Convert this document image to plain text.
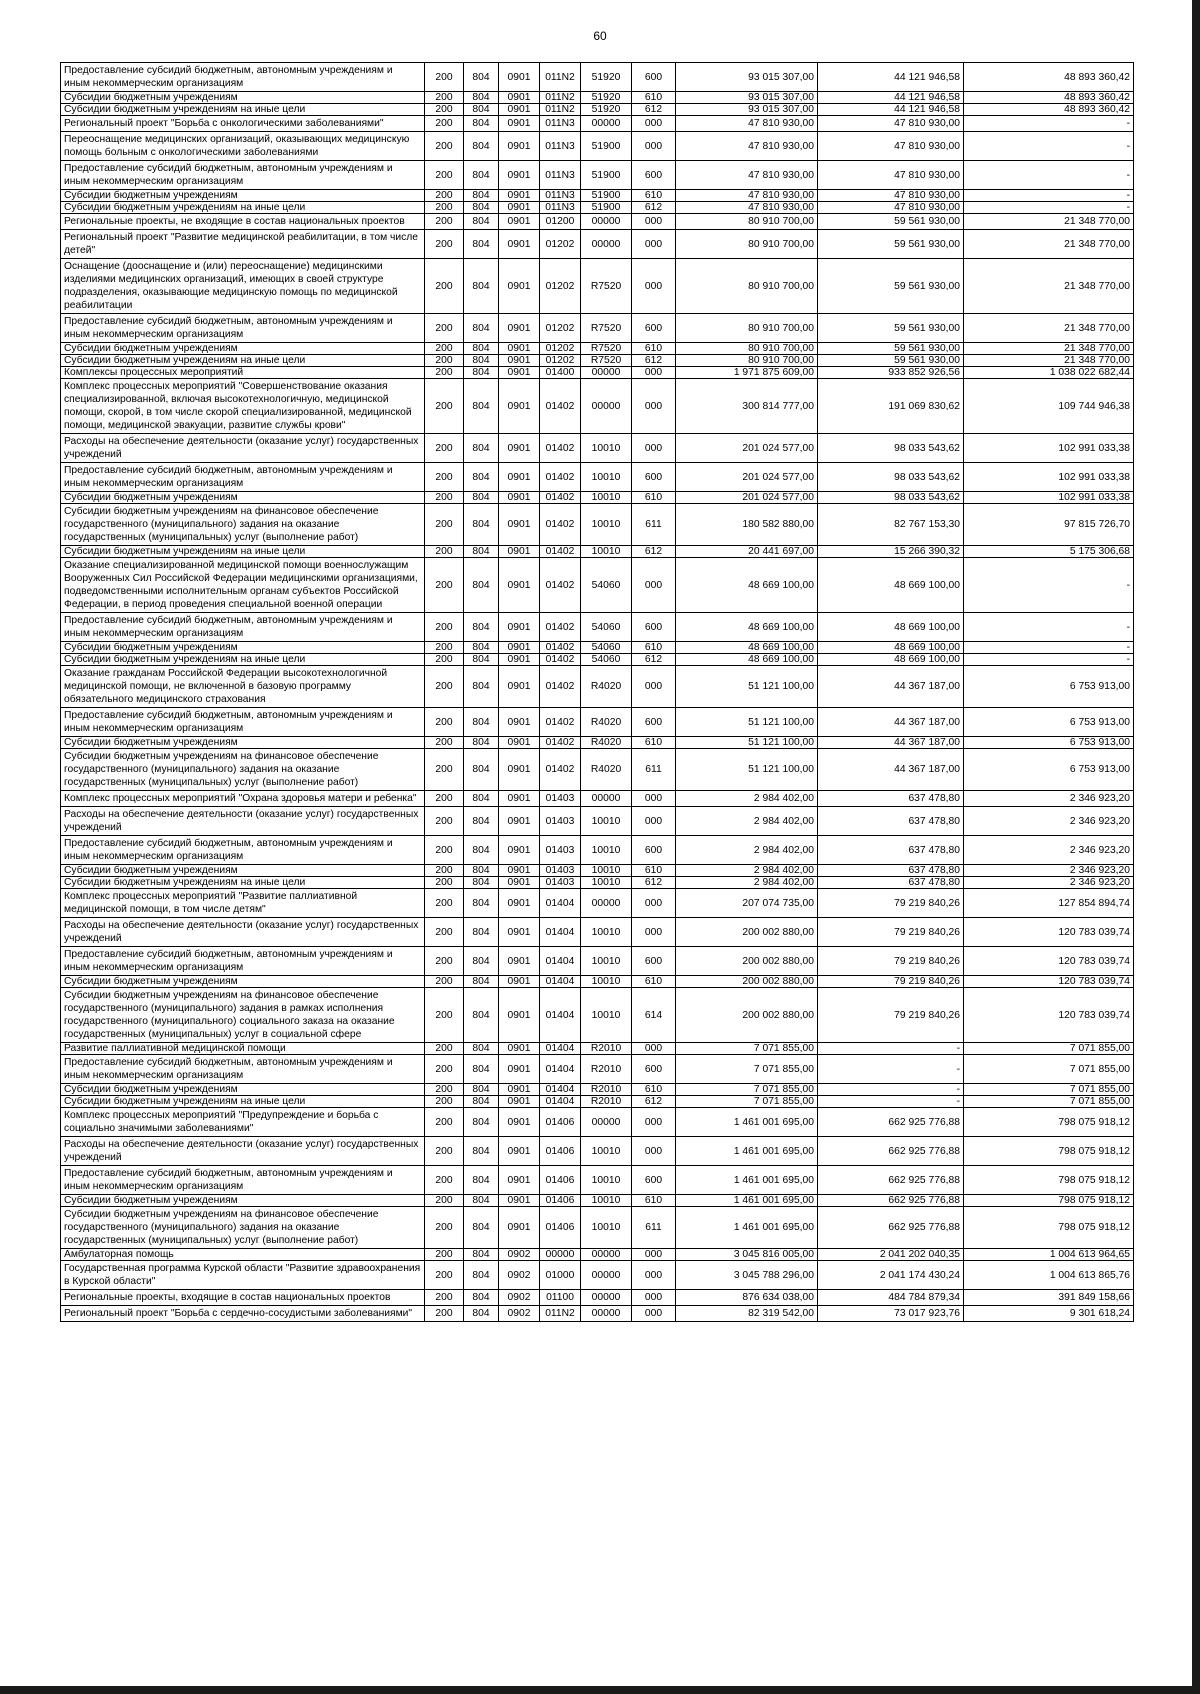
60
Предоставление субсидий бюджетным, автономным учреждениям и иным некоммерческим организациям	200	804	0901	011N2	51920	600	93 015 307,00	44 121 946,58	48 893 360,42
Субсидии бюджетным учреждениям	200	804	0901	011N2	51920	610	93 015 307,00	44 121 946,58	48 893 360,42
Субсидии бюджетным учреждениям на иные цели	200	804	0901	011N2	51920	612	93 015 307,00	44 121 946,58	48 893 360,42
Региональный проект "Борьба с онкологическими заболеваниями"	200	804	0901	011N3	00000	000	47 810 930,00	47 810 930,00	-
Переоснащение медицинских организаций, оказывающих медицинскую помощь больным с онкологическими заболеваниями	200	804	0901	011N3	51900	000	47 810 930,00	47 810 930,00	-
Предоставление субсидий бюджетным, автономным учреждениям и иным некоммерческим организациям	200	804	0901	011N3	51900	600	47 810 930,00	47 810 930,00	-
Субсидии бюджетным учреждениям	200	804	0901	011N3	51900	610	47 810 930,00	47 810 930,00	-
Субсидии бюджетным учреждениям на иные цели	200	804	0901	011N3	51900	612	47 810 930,00	47 810 930,00	-
Региональные проекты, не входящие в состав национальных проектов	200	804	0901	01200	00000	000	80 910 700,00	59 561 930,00	21 348 770,00
Региональный проект "Развитие медицинской реабилитации, в том числе детей"	200	804	0901	01202	00000	000	80 910 700,00	59 561 930,00	21 348 770,00
Оснащение (дооснащение и (или) переоснащение) медицинскими изделиями медицинских организаций, имеющих в своей структуре подразделения, оказывающие медицинскую помощь по медицинской реабилитации	200	804	0901	01202	R7520	000	80 910 700,00	59 561 930,00	21 348 770,00
Предоставление субсидий бюджетным, автономным учреждениям и иным некоммерческим организациям	200	804	0901	01202	R7520	600	80 910 700,00	59 561 930,00	21 348 770,00
Субсидии бюджетным учреждениям	200	804	0901	01202	R7520	610	80 910 700,00	59 561 930,00	21 348 770,00
Субсидии бюджетным учреждениям на иные цели	200	804	0901	01202	R7520	612	80 910 700,00	59 561 930,00	21 348 770,00
Комплексы процессных мероприятий	200	804	0901	01400	00000	000	1 971 875 609,00	933 852 926,56	1 038 022 682,44
Комплекс процессных мероприятий "Совершенствование оказания специализированной, включая высокотехнологичную, медицинской помощи, скорой, в том числе скорой специализированной, медицинской помощи, медицинской эвакуации, развитие службы крови"	200	804	0901	01402	00000	000	300 814 777,00	191 069 830,62	109 744 946,38
Расходы на обеспечение деятельности (оказание услуг) государственных учреждений	200	804	0901	01402	10010	000	201 024 577,00	98 033 543,62	102 991 033,38
Предоставление субсидий бюджетным, автономным учреждениям и иным некоммерческим организациям	200	804	0901	01402	10010	600	201 024 577,00	98 033 543,62	102 991 033,38
Субсидии бюджетным учреждениям	200	804	0901	01402	10010	610	201 024 577,00	98 033 543,62	102 991 033,38
Субсидии бюджетным учреждениям на финансовое обеспечение государственного (муниципального) задания на оказание государственных (муниципальных) услуг (выполнение работ)	200	804	0901	01402	10010	611	180 582 880,00	82 767 153,30	97 815 726,70
Субсидии бюджетным учреждениям на иные цели	200	804	0901	01402	10010	612	20 441 697,00	15 266 390,32	5 175 306,68
Оказание специализированной медицинской помощи военнослужащим Вооруженных Сил Российской Федерации медицинскими организациями, подведомственными исполнительным органам субъектов Российской Федерации, в период проведения специальной военной операции	200	804	0901	01402	54060	000	48 669 100,00	48 669 100,00	-
Предоставление субсидий бюджетным, автономным учреждениям и иным некоммерческим организациям	200	804	0901	01402	54060	600	48 669 100,00	48 669 100,00	-
Субсидии бюджетным учреждениям	200	804	0901	01402	54060	610	48 669 100,00	48 669 100,00	-
Субсидии бюджетным учреждениям на иные цели	200	804	0901	01402	54060	612	48 669 100,00	48 669 100,00	-
Оказание гражданам Российской Федерации высокотехнологичной медицинской помощи, не включенной в базовую программу обязательного медицинского страхования	200	804	0901	01402	R4020	000	51 121 100,00	44 367 187,00	6 753 913,00
Предоставление субсидий бюджетным, автономным учреждениям и иным некоммерческим организациям	200	804	0901	01402	R4020	600	51 121 100,00	44 367 187,00	6 753 913,00
Субсидии бюджетным учреждениям	200	804	0901	01402	R4020	610	51 121 100,00	44 367 187,00	6 753 913,00
Субсидии бюджетным учреждениям на финансовое обеспечение государственного (муниципального) задания на оказание государственных (муниципальных) услуг (выполнение работ)	200	804	0901	01402	R4020	611	51 121 100,00	44 367 187,00	6 753 913,00
Комплекс процессных мероприятий "Охрана здоровья матери и ребенка"	200	804	0901	01403	00000	000	2 984 402,00	637 478,80	2 346 923,20
Расходы на обеспечение деятельности (оказание услуг) государственных учреждений	200	804	0901	01403	10010	000	2 984 402,00	637 478,80	2 346 923,20
Предоставление субсидий бюджетным, автономным учреждениям и иным некоммерческим организациям	200	804	0901	01403	10010	600	2 984 402,00	637 478,80	2 346 923,20
Субсидии бюджетным учреждениям	200	804	0901	01403	10010	610	2 984 402,00	637 478,80	2 346 923,20
Субсидии бюджетным учреждениям на иные цели	200	804	0901	01403	10010	612	2 984 402,00	637 478,80	2 346 923,20
Комплекс процессных мероприятий "Развитие паллиативной медицинской помощи, в том числе детям"	200	804	0901	01404	00000	000	207 074 735,00	79 219 840,26	127 854 894,74
Расходы на обеспечение деятельности (оказание услуг) государственных учреждений	200	804	0901	01404	10010	000	200 002 880,00	79 219 840,26	120 783 039,74
Предоставление субсидий бюджетным, автономным учреждениям и иным некоммерческим организациям	200	804	0901	01404	10010	600	200 002 880,00	79 219 840,26	120 783 039,74
Субсидии бюджетным учреждениям	200	804	0901	01404	10010	610	200 002 880,00	79 219 840,26	120 783 039,74
Субсидии бюджетным учреждениям на финансовое обеспечение государственного (муниципального) задания в рамках исполнения государственного (муниципального) социального заказа на оказание государственных (муниципальных) услуг в социальной сфере	200	804	0901	01404	10010	614	200 002 880,00	79 219 840,26	120 783 039,74
Развитие паллиативной медицинской помощи	200	804	0901	01404	R2010	000	7 071 855,00	-	7 071 855,00
Предоставление субсидий бюджетным, автономным учреждениям и иным некоммерческим организациям	200	804	0901	01404	R2010	600	7 071 855,00	-	7 071 855,00
Субсидии бюджетным учреждениям	200	804	0901	01404	R2010	610	7 071 855,00	-	7 071 855,00
Субсидии бюджетным учреждениям на иные цели	200	804	0901	01404	R2010	612	7 071 855,00	-	7 071 855,00
Комплекс процессных мероприятий "Предупреждение и борьба с социально значимыми заболеваниями"	200	804	0901	01406	00000	000	1 461 001 695,00	662 925 776,88	798 075 918,12
Расходы на обеспечение деятельности (оказание услуг) государственных учреждений	200	804	0901	01406	10010	000	1 461 001 695,00	662 925 776,88	798 075 918,12
Предоставление субсидий бюджетным, автономным учреждениям и иным некоммерческим организациям	200	804	0901	01406	10010	600	1 461 001 695,00	662 925 776,88	798 075 918,12
Субсидии бюджетным учреждениям	200	804	0901	01406	10010	610	1 461 001 695,00	662 925 776,88	798 075 918,12
Субсидии бюджетным учреждениям на финансовое обеспечение государственного (муниципального) задания на оказание государственных (муниципальных) услуг (выполнение работ)	200	804	0901	01406	10010	611	1 461 001 695,00	662 925 776,88	798 075 918,12
Амбулаторная помощь	200	804	0902	00000	00000	000	3 045 816 005,00	2 041 202 040,35	1 004 613 964,65
Государственная программа Курской области "Развитие здравоохранения в Курской области"	200	804	0902	01000	00000	000	3 045 788 296,00	2 041 174 430,24	1 004 613 865,76
Региональные проекты, входящие в состав национальных проектов	200	804	0902	01100	00000	000	876 634 038,00	484 784 879,34	391 849 158,66
Региональный проект "Борьба с сердечно-сосудистыми заболеваниями"	200	804	0902	011N2	00000	000	82 319 542,00	73 017 923,76	9 301 618,24
